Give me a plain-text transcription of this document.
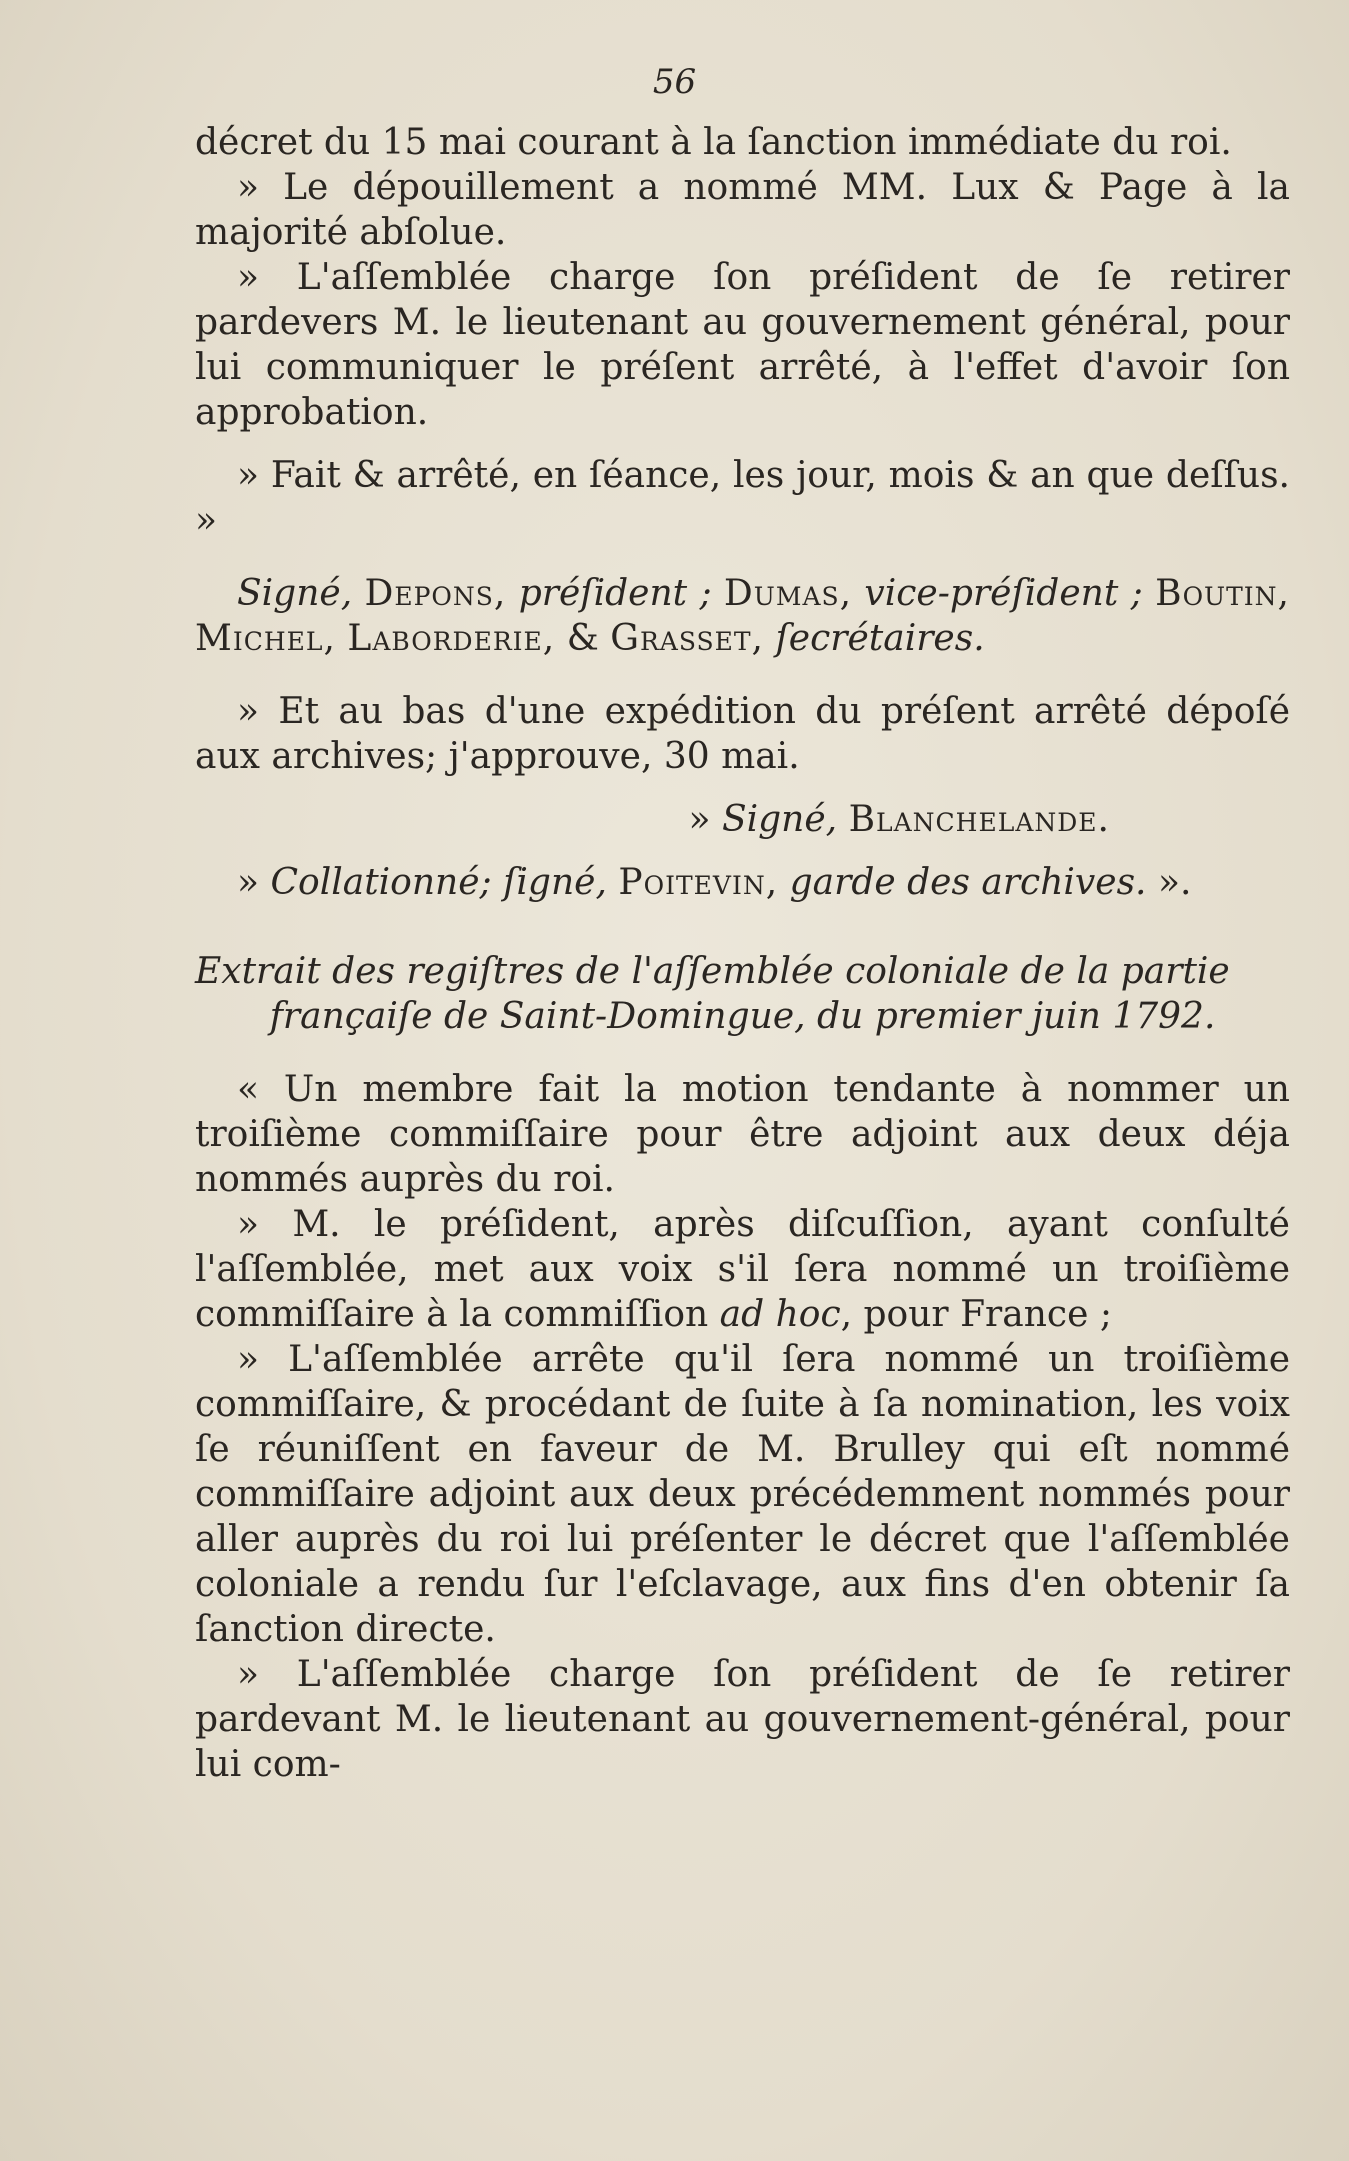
56

décret du 15 mai courant à la ſanction immédiate du roi.

» Le dépouillement a nommé MM. Lux & Page à la majorité abſolue.

» L'aſſemblée charge ſon préſident de ſe retirer pardevers M. le lieutenant au gouvernement général, pour lui communiquer le préſent arrêté, à l'effet d'avoir ſon approbation.

» Fait & arrêté, en ſéance, les jour, mois & an que deſſus. »

Signé, Depons, préſident ; Dumas, vice-préſident ; Boutin, Michel, Laborderie, & Grasset, ſecrétaires.

» Et au bas d'une expédition du préſent arrêté dépoſé aux archives; j'approuve, 30 mai.

» Signé, Blanchelande.

» Collationné; ſigné, Poitevin, garde des archives. ».

Extrait des regiſtres de l'aſſemblée coloniale de la partie
françaiſe de Saint-Domingue, du premier juin 1792.

« Un membre fait la motion tendante à nommer un troiſième commiſſaire pour être adjoint aux deux déja nommés auprès du roi.

» M. le préſident, après diſcuſſion, ayant conſulté l'aſſemblée, met aux voix s'il ſera nommé un troiſième commiſſaire à la commiſſion ad hoc, pour France ;

» L'aſſemblée arrête qu'il ſera nommé un troiſième commiſſaire, & procédant de ſuite à ſa nomination, les voix ſe réuniſſent en faveur de M. Brulley qui eſt nommé commiſſaire adjoint aux deux précédemment nommés pour aller auprès du roi lui préſenter le décret que l'aſſemblée coloniale a rendu ſur l'eſclavage, aux fins d'en obtenir ſa ſanction directe.

» L'aſſemblée charge ſon préſident de ſe retirer pardevant M. le lieutenant au gouvernement-général, pour lui com-
